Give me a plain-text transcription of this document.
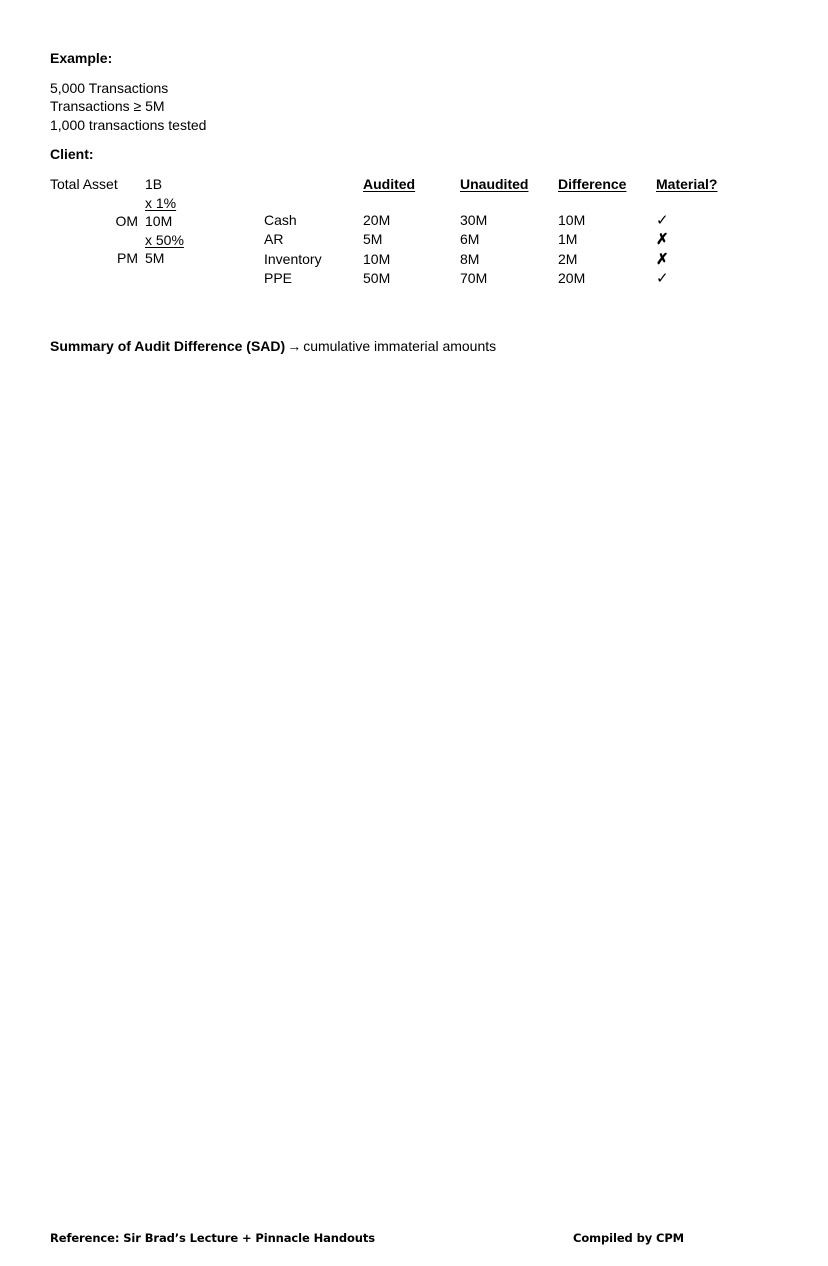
Example:
5,000 Transactions
Transactions ≥ 5M
1,000 transactions tested
Client:
Total Asset	1B
x 1%
OM 10M
x 50%
PM 5M
	Audited	Unaudited	Difference	Material?

Cash	20M	30M	10M	✓
AR	5M	6M	1M	✗
Inventory	10M	8M	2M	✗
PPE	50M	70M	20M	✓
Summary of Audit Difference (SAD) → cumulative immaterial amounts
Reference: Sir Brad’s Lecture + Pinnacle Handouts	Compiled by CPM
